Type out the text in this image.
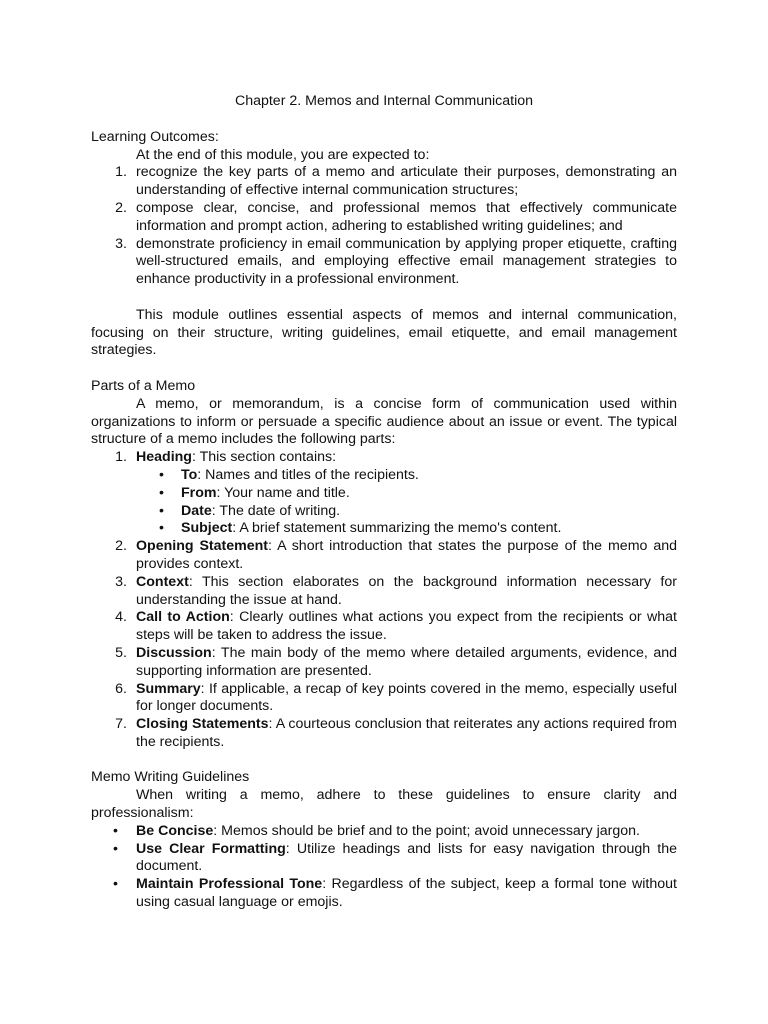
Chapter 2. Memos and Internal Communication

Learning Outcomes:

At the end of this module, you are expected to:

1. recognize the key parts of a memo and articulate their purposes, demonstrating an understanding of effective internal communication structures;
2. compose clear, concise, and professional memos that effectively communicate information and prompt action, adhering to established writing guidelines; and
3. demonstrate proficiency in email communication by applying proper etiquette, crafting well-structured emails, and employing effective email management strategies to enhance productivity in a professional environment.

This module outlines essential aspects of memos and internal communication, focusing on their structure, writing guidelines, email etiquette, and email management strategies.

Parts of a Memo

A memo, or memorandum, is a concise form of communication used within organizations to inform or persuade a specific audience about an issue or event. The typical structure of a memo includes the following parts:

1. Heading: This section contains:
• To: Names and titles of the recipients.
• From: Your name and title.
• Date: The date of writing.
• Subject: A brief statement summarizing the memo's content.
2. Opening Statement: A short introduction that states the purpose of the memo and provides context.
3. Context: This section elaborates on the background information necessary for understanding the issue at hand.
4. Call to Action: Clearly outlines what actions you expect from the recipients or what steps will be taken to address the issue.
5. Discussion: The main body of the memo where detailed arguments, evidence, and supporting information are presented.
6. Summary: If applicable, a recap of key points covered in the memo, especially useful for longer documents.
7. Closing Statements: A courteous conclusion that reiterates any actions required from the recipients.

Memo Writing Guidelines

When writing a memo, adhere to these guidelines to ensure clarity and professionalism:

• Be Concise: Memos should be brief and to the point; avoid unnecessary jargon.
• Use Clear Formatting: Utilize headings and lists for easy navigation through the document.
• Maintain Professional Tone: Regardless of the subject, keep a formal tone without using casual language or emojis.
